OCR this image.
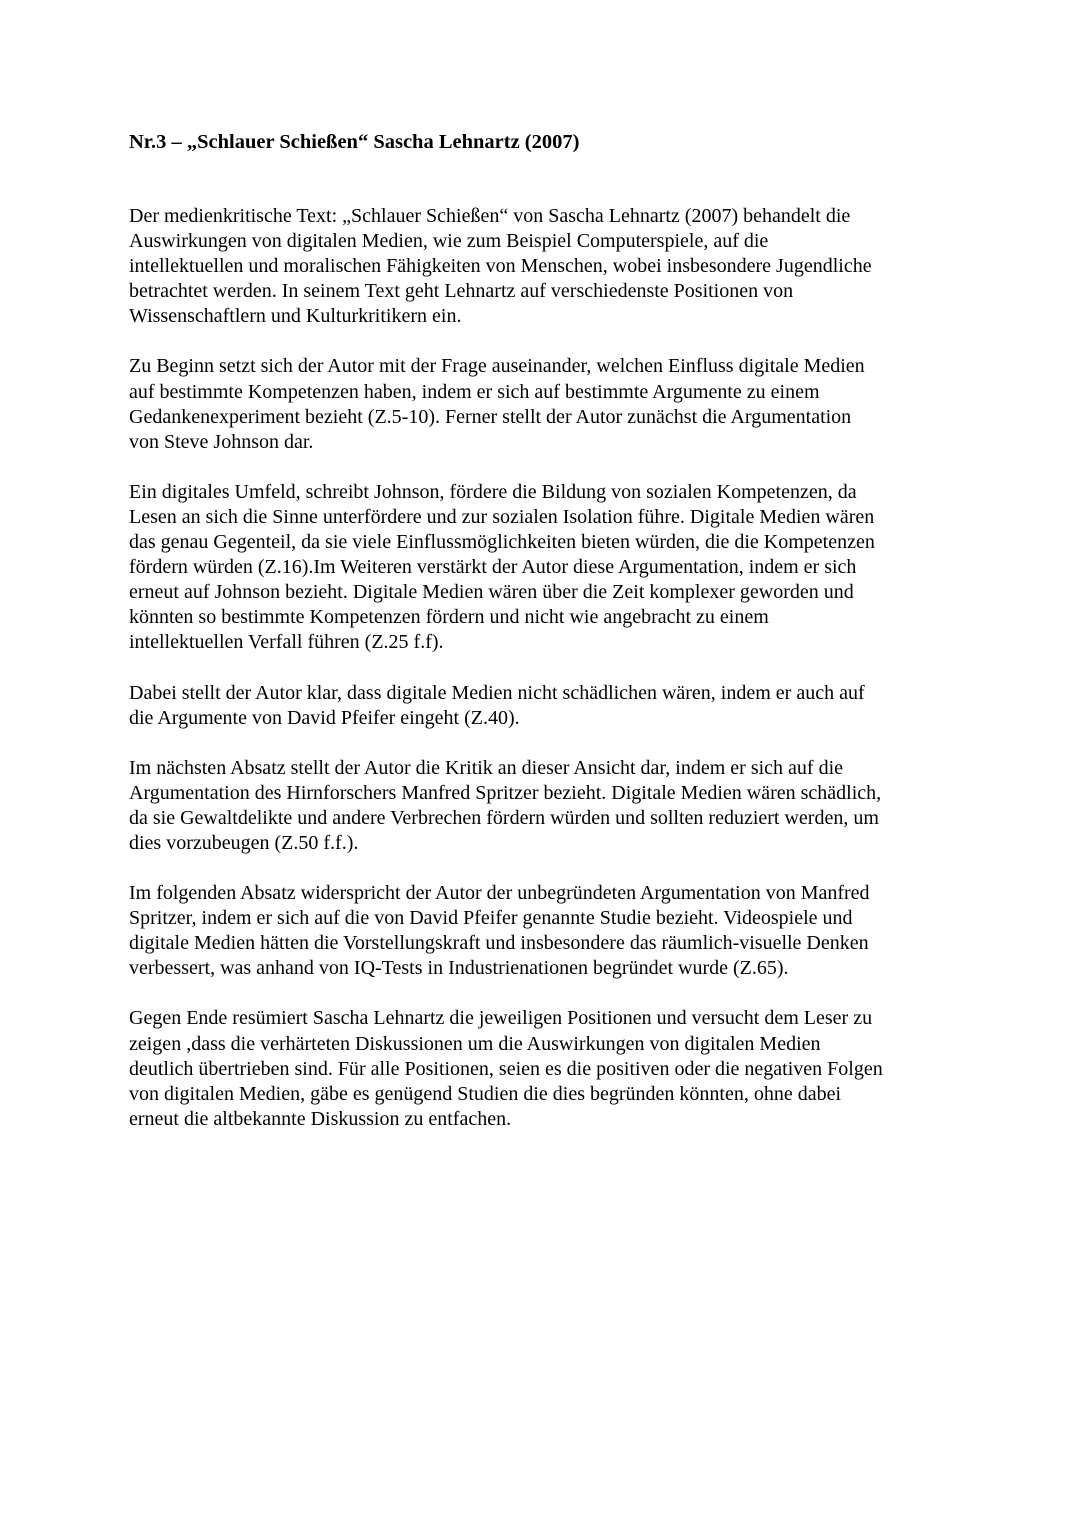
Nr.3 – „Schlauer Schießen“ Sascha Lehnartz (2007)

Der medienkritische Text: „Schlauer Schießen“ von Sascha Lehnartz (2007) behandelt die
Auswirkungen von digitalen Medien, wie zum Beispiel Computerspiele, auf die
intellektuellen und moralischen Fähigkeiten von Menschen, wobei insbesondere Jugendliche
betrachtet werden. In seinem Text geht Lehnartz auf verschiedenste Positionen von
Wissenschaftlern und Kulturkritikern ein.

Zu Beginn setzt sich der Autor mit der Frage auseinander, welchen Einfluss digitale Medien
auf bestimmte Kompetenzen haben, indem er sich auf bestimmte Argumente zu einem
Gedankenexperiment bezieht (Z.5-10). Ferner stellt der Autor zunächst die Argumentation
von Steve Johnson dar.

Ein digitales Umfeld, schreibt Johnson, fördere die Bildung von sozialen Kompetenzen, da
Lesen an sich die Sinne unterfördere und zur sozialen Isolation führe. Digitale Medien wären
das genau Gegenteil, da sie viele Einflussmöglichkeiten bieten würden, die die Kompetenzen
fördern würden (Z.16).Im Weiteren verstärkt der Autor diese Argumentation, indem er sich
erneut auf Johnson bezieht. Digitale Medien wären über die Zeit komplexer geworden und
könnten so bestimmte Kompetenzen fördern und nicht wie angebracht zu einem
intellektuellen Verfall führen (Z.25 f.f).

Dabei stellt der Autor klar, dass digitale Medien nicht schädlichen wären, indem er auch auf
die Argumente von David Pfeifer eingeht (Z.40).

Im nächsten Absatz stellt der Autor die Kritik an dieser Ansicht dar, indem er sich auf die
Argumentation des Hirnforschers Manfred Spritzer bezieht. Digitale Medien wären schädlich,
da sie Gewaltdelikte und andere Verbrechen fördern würden und sollten reduziert werden, um
dies vorzubeugen (Z.50 f.f.).

Im folgenden Absatz widerspricht der Autor der unbegründeten Argumentation von Manfred
Spritzer, indem er sich auf die von David Pfeifer genannte Studie bezieht. Videospiele und
digitale Medien hätten die Vorstellungskraft und insbesondere das räumlich-visuelle Denken
verbessert, was anhand von IQ-Tests in Industrienationen begründet wurde (Z.65).

Gegen Ende resümiert Sascha Lehnartz die jeweiligen Positionen und versucht dem Leser zu
zeigen ,dass die verhärteten Diskussionen um die Auswirkungen von digitalen Medien
deutlich übertrieben sind. Für alle Positionen, seien es die positiven oder die negativen Folgen
von digitalen Medien, gäbe es genügend Studien die dies begründen könnten, ohne dabei
erneut die altbekannte Diskussion zu entfachen.
